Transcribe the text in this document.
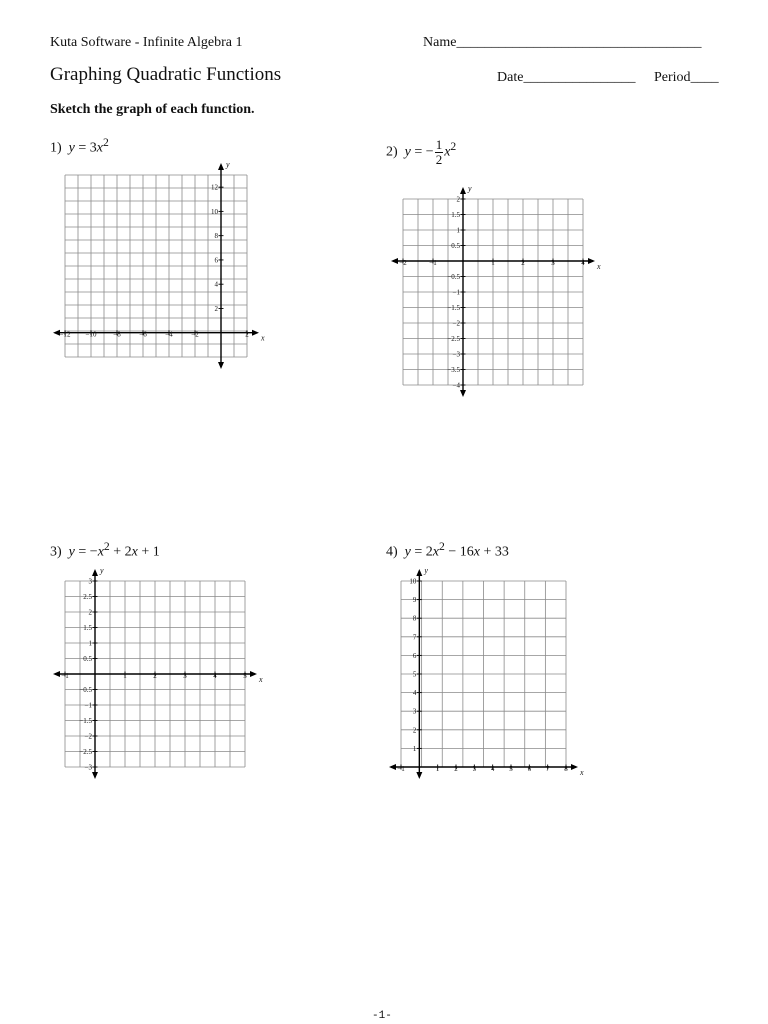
Kuta Software - Infinite Algebra 1	Name___________________________________
Graphing Quadratic Functions	Date________________ Period____
Sketch the graph of each function.
1) $y = 3x^2$
2) y = − $\frac{1}{2} x^2$
3) $y = -x^2 + 2x + 1$	4) $y = 2x^2 - 16x + 33$
x
y
−12 −10 −8	−6	−4	−2	2
2
4
6
8
10
12
x
y
−2	−1	1	2	3	4
2
1.5
1
0.5
−0.5
−1
−1.5
−2
−2.5
−3
−3.5
−4
x
y
−1	1	2	3	4	5
3
2.5
2
1.5
1
0.5
−0.5
−1
−1.5
−2
−2.5
−3
x
y
−1	1 2 3 4 5 6 7 8
1
2
3
4
5
6
7
8
9
10
-1-
